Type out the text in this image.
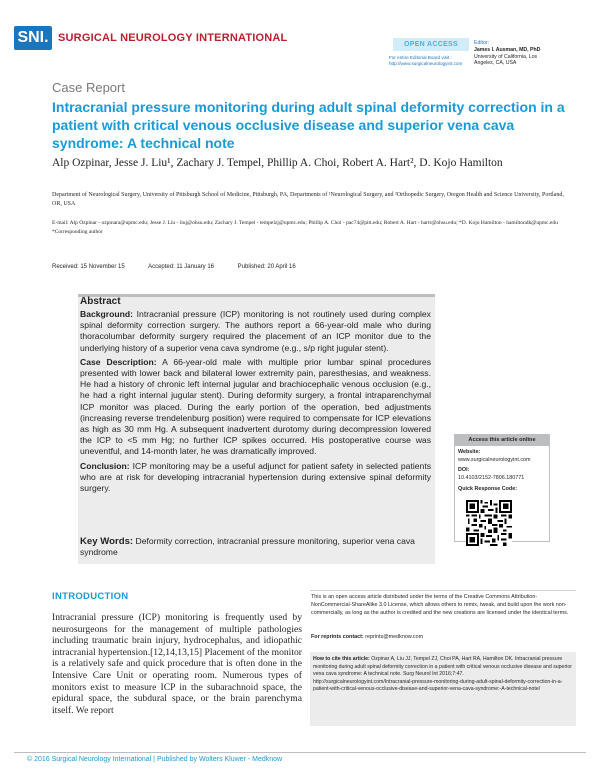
SNI. SURGICAL NEUROLOGY INTERNATIONAL
OPEN ACCESS
For entire Editorial Board visit :
http://www.surgicalneurologyint.com
Editor:
James I. Ausman, MD, PhD
University of California, Los
Angeles, CA, USA
Case Report
Intracranial pressure monitoring during adult spinal deformity correction in a patient with critical venous occlusive disease and superior vena cava syndrome: A technical note
Alp Ozpinar, Jesse J. Liu¹, Zachary J. Tempel, Phillip A. Choi, Robert A. Hart², D. Kojo Hamilton
Department of Neurological Surgery, University of Pittsburgh School of Medicine, Pittsburgh, PA, Departments of ¹Neurological Surgery, and ²Orthopedic Surgery, Oregon Health and Science University, Portland, OR, USA
E-mail: Alp Ozpinar - ozpinara@upmc.edu; Jesse J. Liu - liuj@ohsu.edu; Zachary J. Tempel - tempelzj@upmc.edu; Phillip A. Choi - pac74@pitt.edu; Robert A. Hart - hartr@ohsu.edu; *D. Kojo Hamilton - hamiltondk@upmc.edu
*Corresponding author
Received: 15 November 15	Accepted: 11 January 16	Published: 20 April 16
Abstract

Background: Intracranial pressure (ICP) monitoring is not routinely used during complex spinal deformity correction surgery. The authors report a 66-year-old male who during thoracolumbar deformity surgery required the placement of an ICP monitor due to the underlying history of a superior vena cava syndrome (e.g., s/p right jugular stent).

Case Description: A 66-year-old male with multiple prior lumbar spinal procedures presented with lower back and bilateral lower extremity pain, paresthesias, and weakness. He had a history of chronic left internal jugular and brachiocephalic venous occlusion (e.g., he had a right internal jugular stent). During deformity surgery, a frontal intraparenchymal ICP monitor was placed. During the early portion of the operation, bed adjustments (increasing reverse trendelenburg position) were required to compensate for ICP elevations as high as 30 mm Hg. A subsequent inadvertent durotomy during decompression lowered the ICP to <5 mm Hg; no further ICP spikes occurred. His postoperative course was uneventful, and 14-month later, he was dramatically improved.

Conclusion: ICP monitoring may be a useful adjunct for patient safety in selected patients who are at risk for developing intracranial hypertension during extensive spinal deformity surgery.

Key Words: Deformity correction, intracranial pressure monitoring, superior vena cava syndrome
Access this article online
Website:
www.surgicalneurologyint.com
DOI:
10.4103/2152-7806.180771
Quick Response Code:
INTRODUCTION
Intracranial pressure (ICP) monitoring is frequently used by neurosurgeons for the management of multiple pathologies including traumatic brain injury, hydrocephalus, and idiopathic intracranial hypertension.[12,14,13,15] Placement of the monitor is a relatively safe and quick procedure that is often done in the Intensive Care Unit or operating room. Numerous types of monitors exist to measure ICP in the subarachnoid space, the epidural space, the subdural space, or the brain parenchyma itself. We report
This is an open access article distributed under the terms of the Creative Commons Attribution-NonCommercial-ShareAlike 3.0 License, which allows others to remix, tweak, and build upon the work non-commercially, as long as the author is credited and the new creations are licensed under the identical terms.
For reprints contact: reprints@medknow.com
How to cite this article: Ozpinar A, Liu JJ, Tempel ZJ, Choi PA, Hart RA, Hamilton DK. Intracranial pressure monitoring during adult spinal deformity correction in a patient with critical venous occlusive disease and superior vena cava syndrome: A technical note. Surg Neurol Int 2016;7:47.
http://surgicalneurologyint.com/Intracranial-pressure-monitoring-during-adult-spinal-deformity-correction-in-a-patient-with-critical-venous-occlusive-disease-and-superior-vena-cava-syndrome:-A-technical-note/
© 2016 Surgical Neurology International | Published by Wolters Kluwer - Medknow
